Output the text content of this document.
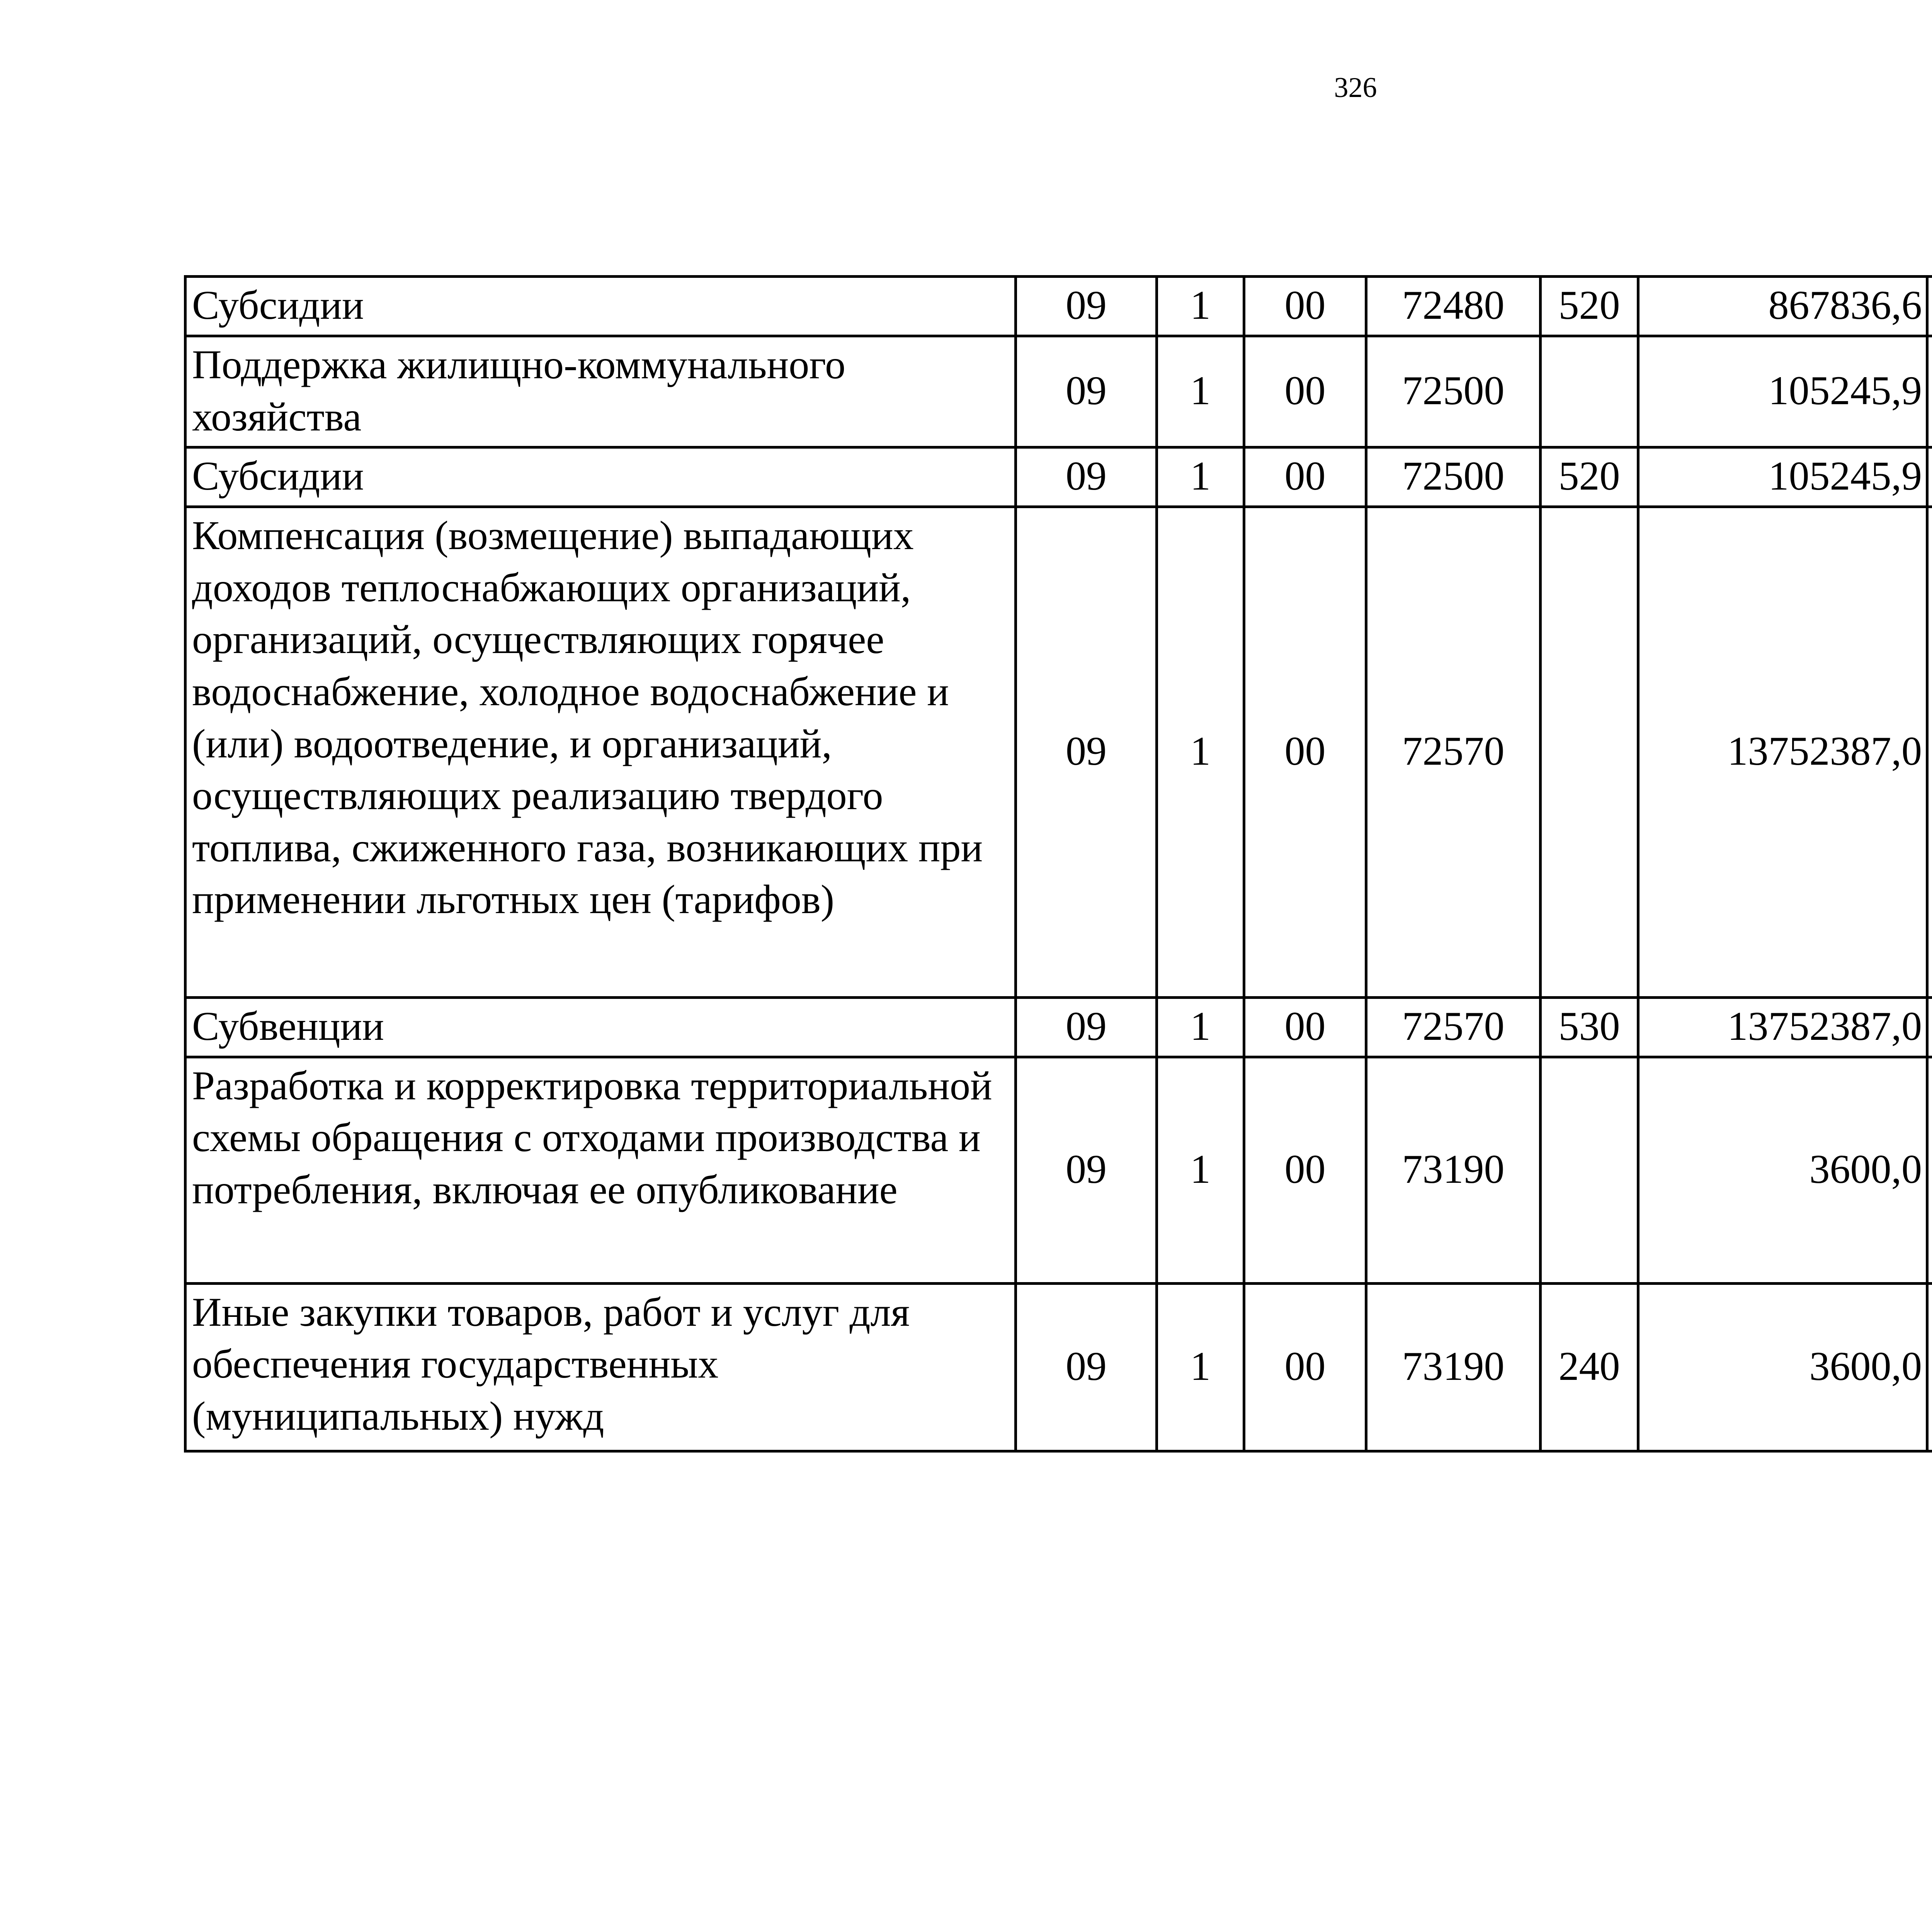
326
Субсидии	09	1	00	72480	520	867836,6		
Поддержка жилищно-коммунального хозяйства	09	1	00	72500		105245,9		
Субсидии	09	1	00	72500	520	105245,9		
Компенсация (возмещение) выпадающих доходов теплоснабжающих организаций, организаций, осуществляющих горячее водоснабжение, холодное водоснабжение и (или) водоотведение, и организаций, осуществляющих реализацию твердого топлива, сжиженного газа, возникающих при применении льготных цен (тарифов)	09	1	00	72570		13752387,0		
Субвенции	09	1	00	72570	530	13752387,0		
Разработка и корректировка территориальной схемы обращения с отходами производства и потребления, включая ее опубликование	09	1	00	73190		3600,0		
Иные закупки товаров, работ и услуг для обеспечения государственных (муниципальных) нужд	09	1	00	73190	240	3600,0		
